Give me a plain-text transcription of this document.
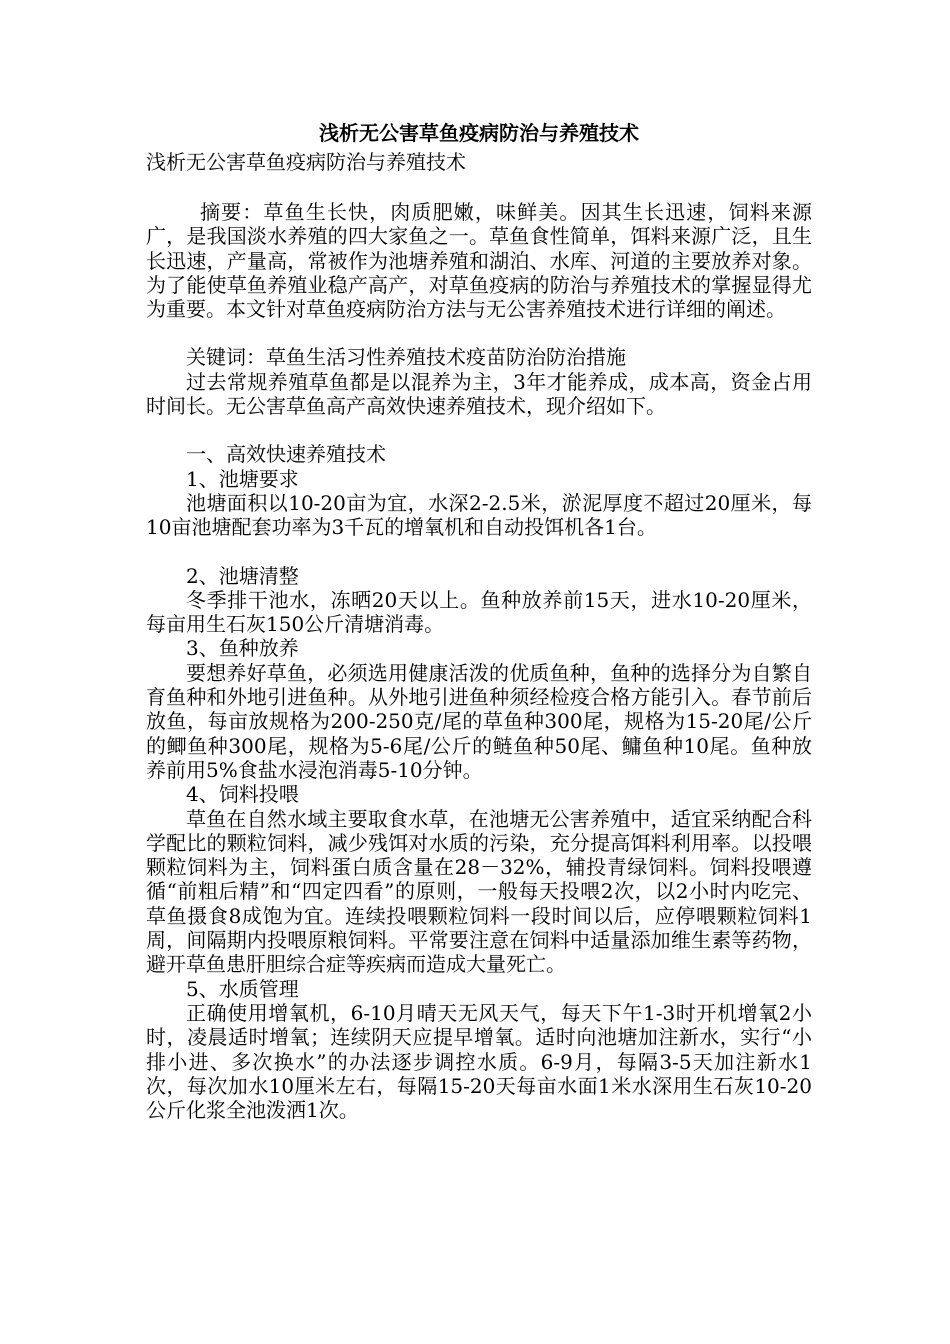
浅析无公害草鱼疫病防治与养殖技术

浅析无公害草鱼疫病防治与养殖技术

摘要：草鱼生长快，肉质肥嫩，味鲜美。因其生长迅速，饲料来源广，是我国淡水养殖的四大家鱼之一。草鱼食性简单，饵料来源广泛，且生长迅速，产量高，常被作为池塘养殖和湖泊、水库、河道的主要放养对象。为了能使草鱼养殖业稳产高产，对草鱼疫病的防治与养殖技术的掌握显得尤为重要。本文针对草鱼疫病防治方法与无公害养殖技术进行详细的阐述。

关键词：草鱼生活习性养殖技术疫苗防治防治措施

过去常规养殖草鱼都是以混养为主，3年才能养成，成本高，资金占用时间长。无公害草鱼高产高效快速养殖技术，现介绍如下。

一、高效快速养殖技术

1、池塘要求

池塘面积以10-20亩为宜，水深2-2.5米，淤泥厚度不超过20厘米，每10亩池塘配套功率为3千瓦的增氧机和自动投饵机各1台。

2、池塘清整

冬季排干池水，冻晒20天以上。鱼种放养前15天，进水10-20厘米，每亩用生石灰150公斤清塘消毒。

3、鱼种放养

要想养好草鱼，必须选用健康活泼的优质鱼种，鱼种的选择分为自繁自育鱼种和外地引进鱼种。从外地引进鱼种须经检疫合格方能引入。春节前后放鱼，每亩放规格为200-250克/尾的草鱼种300尾，规格为15-20尾/公斤的鲫鱼种300尾，规格为5-6尾/公斤的鲢鱼种50尾、鳙鱼种10尾。鱼种放养前用5%食盐水浸泡消毒5-10分钟。

4、饲料投喂

草鱼在自然水域主要取食水草，在池塘无公害养殖中，适宜采纳配合科学配比的颗粒饲料，减少残饵对水质的污染，充分提高饵料利用率。以投喂颗粒饲料为主，饲料蛋白质含量在28－32%，辅投青绿饲料。饲料投喂遵循“前粗后精”和“四定四看”的原则，一般每天投喂2次，以2小时内吃完、草鱼摄食8成饱为宜。连续投喂颗粒饲料一段时间以后，应停喂颗粒饲料1周，间隔期内投喂原粮饲料。平常要注意在饲料中适量添加维生素等药物，避开草鱼患肝胆综合症等疾病而造成大量死亡。

5、水质管理

正确使用增氧机，6-10月晴天无风天气，每天下午1-3时开机增氧2小时，凌晨适时增氧；连续阴天应提早增氧。适时向池塘加注新水，实行“小排小进、多次换水”的办法逐步调控水质。6-9月，每隔3-5天加注新水1次，每次加水10厘米左右，每隔15-20天每亩水面1米水深用生石灰10-20公斤化浆全池泼洒1次。
